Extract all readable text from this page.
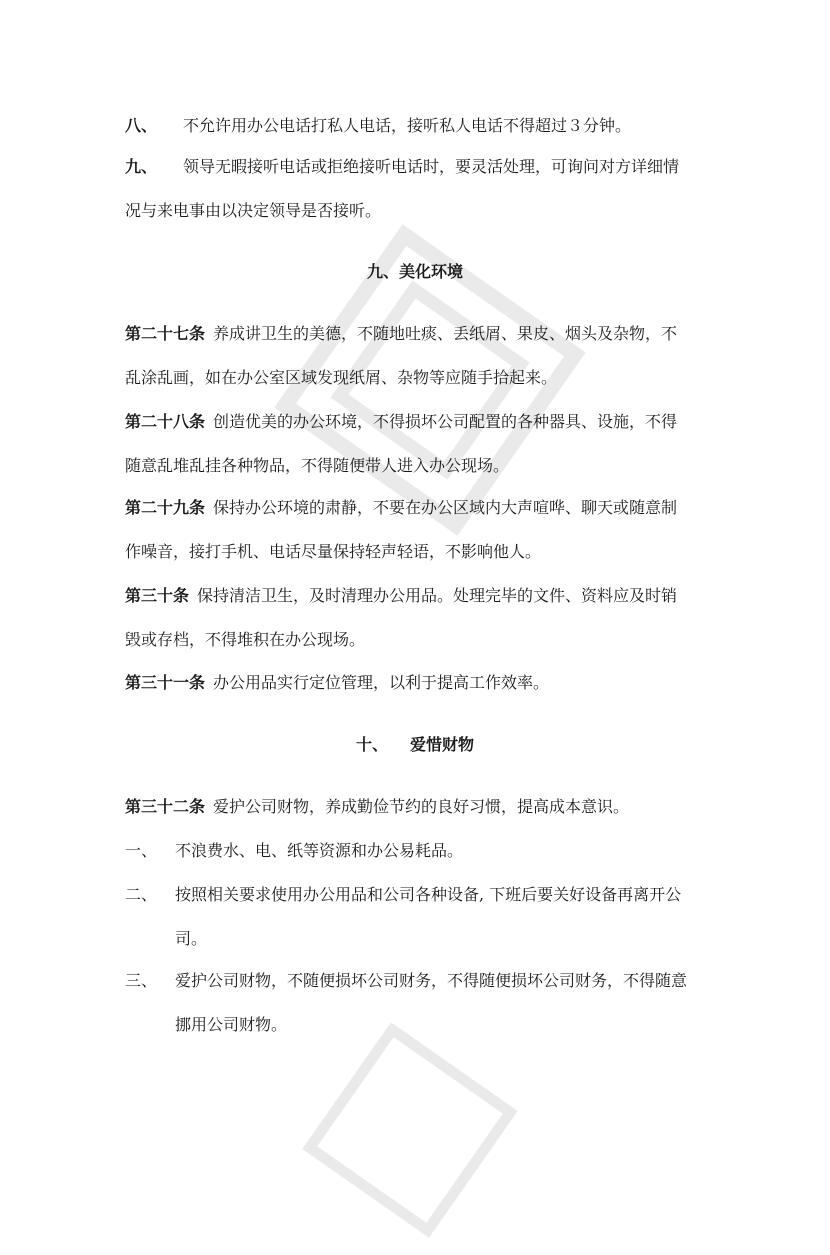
八、 不允许用办公电话打私人电话，接听私人电话不得超过３分钟。
九、 领导无暇接听电话或拒绝接听电话时，要灵活处理，可询问对方详细情
况与来电事由以决定领导是否接听。
九、美化环境
第二十七条 养成讲卫生的美德，不随地吐痰、丢纸屑、果皮、烟头及杂物，不
乱涂乱画，如在办公室区域发现纸屑、杂物等应随手拾起来。
第二十八条 创造优美的办公环境，不得损坏公司配置的各种器具、设施，不得
随意乱堆乱挂各种物品，不得随便带人进入办公现场。
第二十九条 保持办公环境的肃静，不要在办公区域内大声喧哗、聊天或随意制
作噪音，接打手机、电话尽量保持轻声轻语，不影响他人。
第三十条 保持清洁卫生，及时清理办公用品。处理完毕的文件、资料应及时销
毁或存档，不得堆积在办公现场。
第三十一条 办公用品实行定位管理，以利于提高工作效率。
十、 爱惜财物
第三十二条 爱护公司财物，养成勤俭节约的良好习惯，提高成本意识。
一、 不浪费水、电、纸等资源和办公易耗品。
二、 按照相关要求使用办公用品和公司各种设备, 下班后要关好设备再离开公
司。
三、 爱护公司财物，不随便损坏公司财务，不得随便损坏公司财务，不得随意
挪用公司财物。
